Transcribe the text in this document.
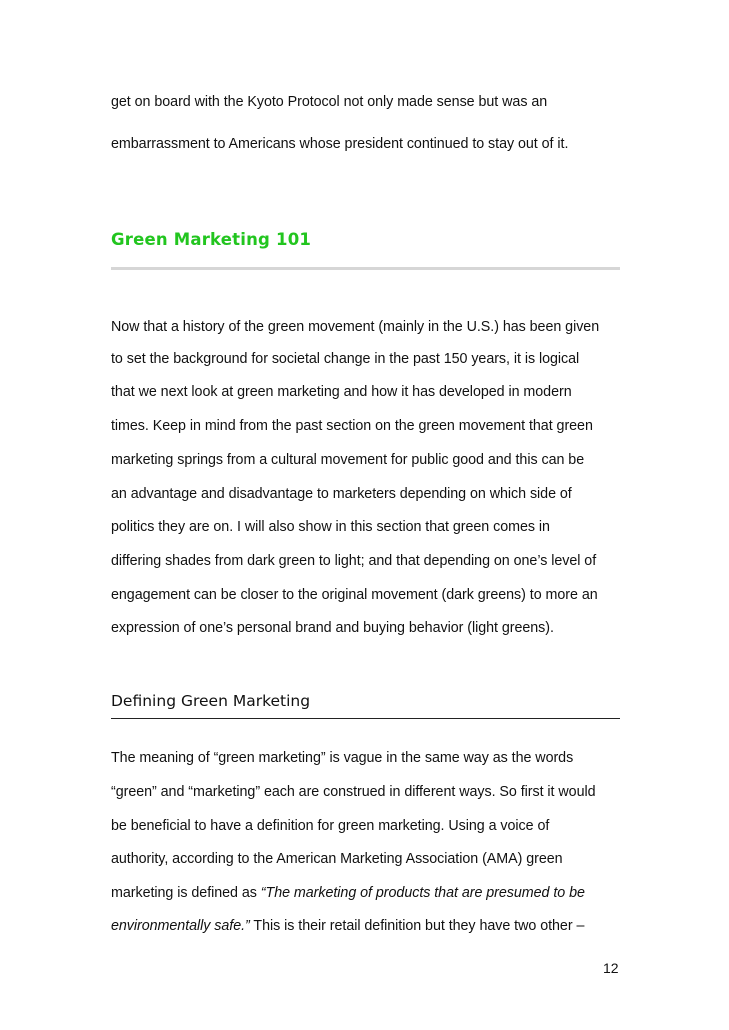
get on board with the Kyoto Protocol not only made sense but was an
embarrassment to Americans whose president continued to stay out of it.
Green Marketing 101
Now that a history of the green movement (mainly in the U.S.) has been given
to set the background for societal change in the past 150 years, it is logical
that we next look at green marketing and how it has developed in modern
times. Keep in mind from the past section on the green movement that green
marketing springs from a cultural movement for public good and this can be
an advantage and disadvantage to marketers depending on which side of
politics they are on. I will also show in this section that green comes in
differing shades from dark green to light; and that depending on one’s level of
engagement can be closer to the original movement (dark greens) to more an
expression of one’s personal brand and buying behavior (light greens).
Defining Green Marketing
The meaning of “green marketing” is vague in the same way as the words
“green” and “marketing” each are construed in different ways. So first it would
be beneficial to have a definition for green marketing. Using a voice of
authority, according to the American Marketing Association (AMA) green
marketing is defined as “The marketing of products that are presumed to be
environmentally safe.” This is their retail definition but they have two other –
12
